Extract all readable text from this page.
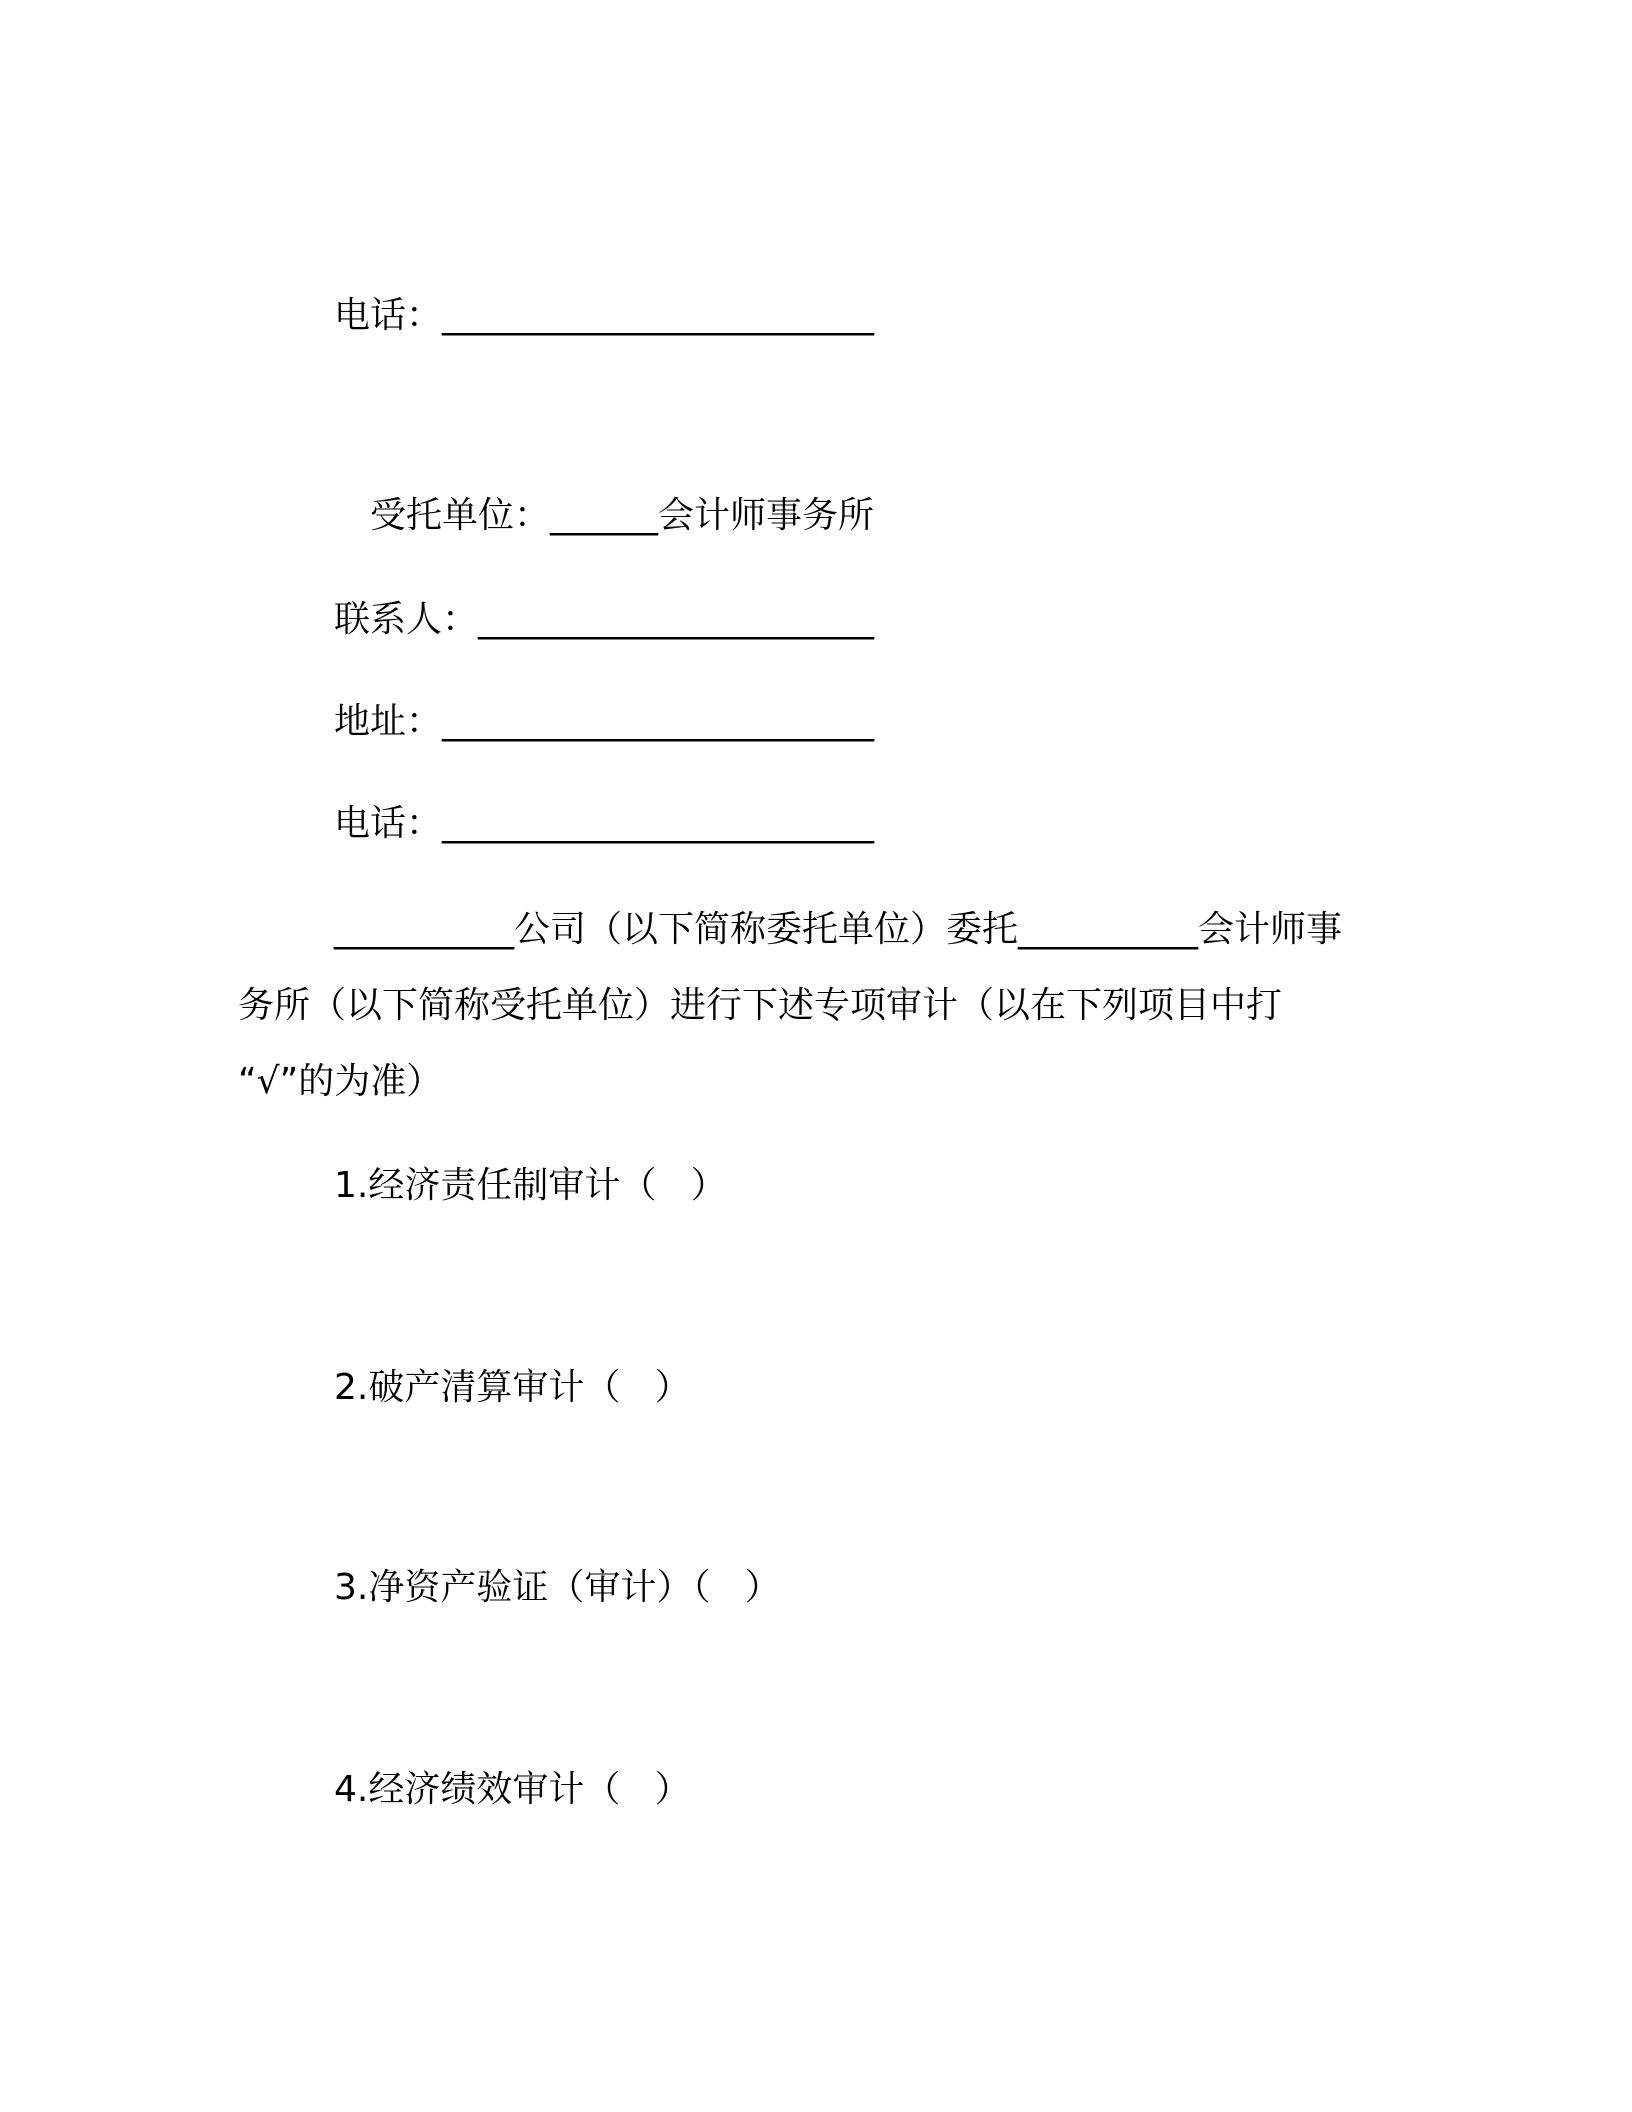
电话：________________________
受托单位：______会计师事务所
联系人：______________________
地址：________________________
电话：________________________
__________公司（以下简称委托单位）委托__________会计师事
务所（以下简称受托单位）进行下述专项审计（以在下列项目中打
“√”的为准）
1.经济责任制审计（   ）
2.破产清算审计（   ）
3.净资产验证（审计）（   ）
4.经济绩效审计（   ）
